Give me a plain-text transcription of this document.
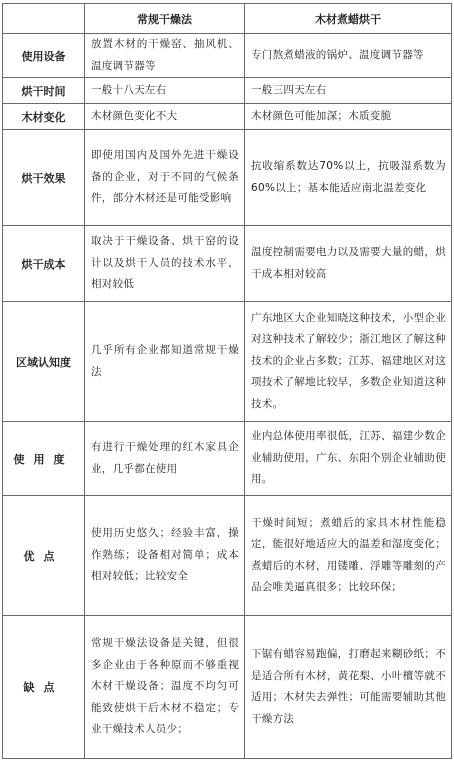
	常规干燥法	木材煮蜡烘干
使用设备	放置木材的干燥窑、抽风机、温度调节器等	专门熬煮蜡液的锅炉、温度调节器等
烘干时间	一般十八天左右	一般三四天左右
木材变化	木材颜色变化不大	木材颜色可能加深；木质变脆
烘干效果	即使用国内及国外先进干燥设备的企业，对于不同的气候条件，部分木材还是可能受影响	抗收缩系数达70%以上，抗吸湿系数为60%以上；基本能适应南北温差变化
烘干成本	取决于干燥设备、烘干窑的设计以及烘干人员的技术水平，相对较低	温度控制需要电力以及需要大量的蜡，烘干成本相对较高
区域认知度	几乎所有企业都知道常规干燥法	广东地区大企业知晓这种技术，小型企业对这种技术了解较少；浙江地区了解这种技术的企业占多数；江苏、福建地区对这项技术了解地比较早，多数企业知道这种技术。
使用度	有进行干燥处理的红木家具企业，几乎都在使用	业内总体使用率很低，江苏、福建少数企业辅助使用，广东、东阳个别企业辅助使用。
优点	使用历史悠久；经验丰富，操作熟练；设备相对简单；成本相对较低；比较安全	干燥时间短；煮蜡后的家具木材性能稳定，能很好地适应大的温差和湿度变化；煮蜡后的木材，用镂雕、浮雕等雕刻的产品会唯美逼真很多；比较环保；
缺点	常规干燥法设备是关键，但很多企业由于各种原而不够重视木材干燥设备；温度不均匀可能致使烘干后木材不稳定；专业干燥技术人员少；	下锯有蜡容易跑偏，打磨起来糊砂纸；不是适合所有木材，黄花梨、小叶檀等就不适用；木材失去弹性；可能需要辅助其他干燥方法
